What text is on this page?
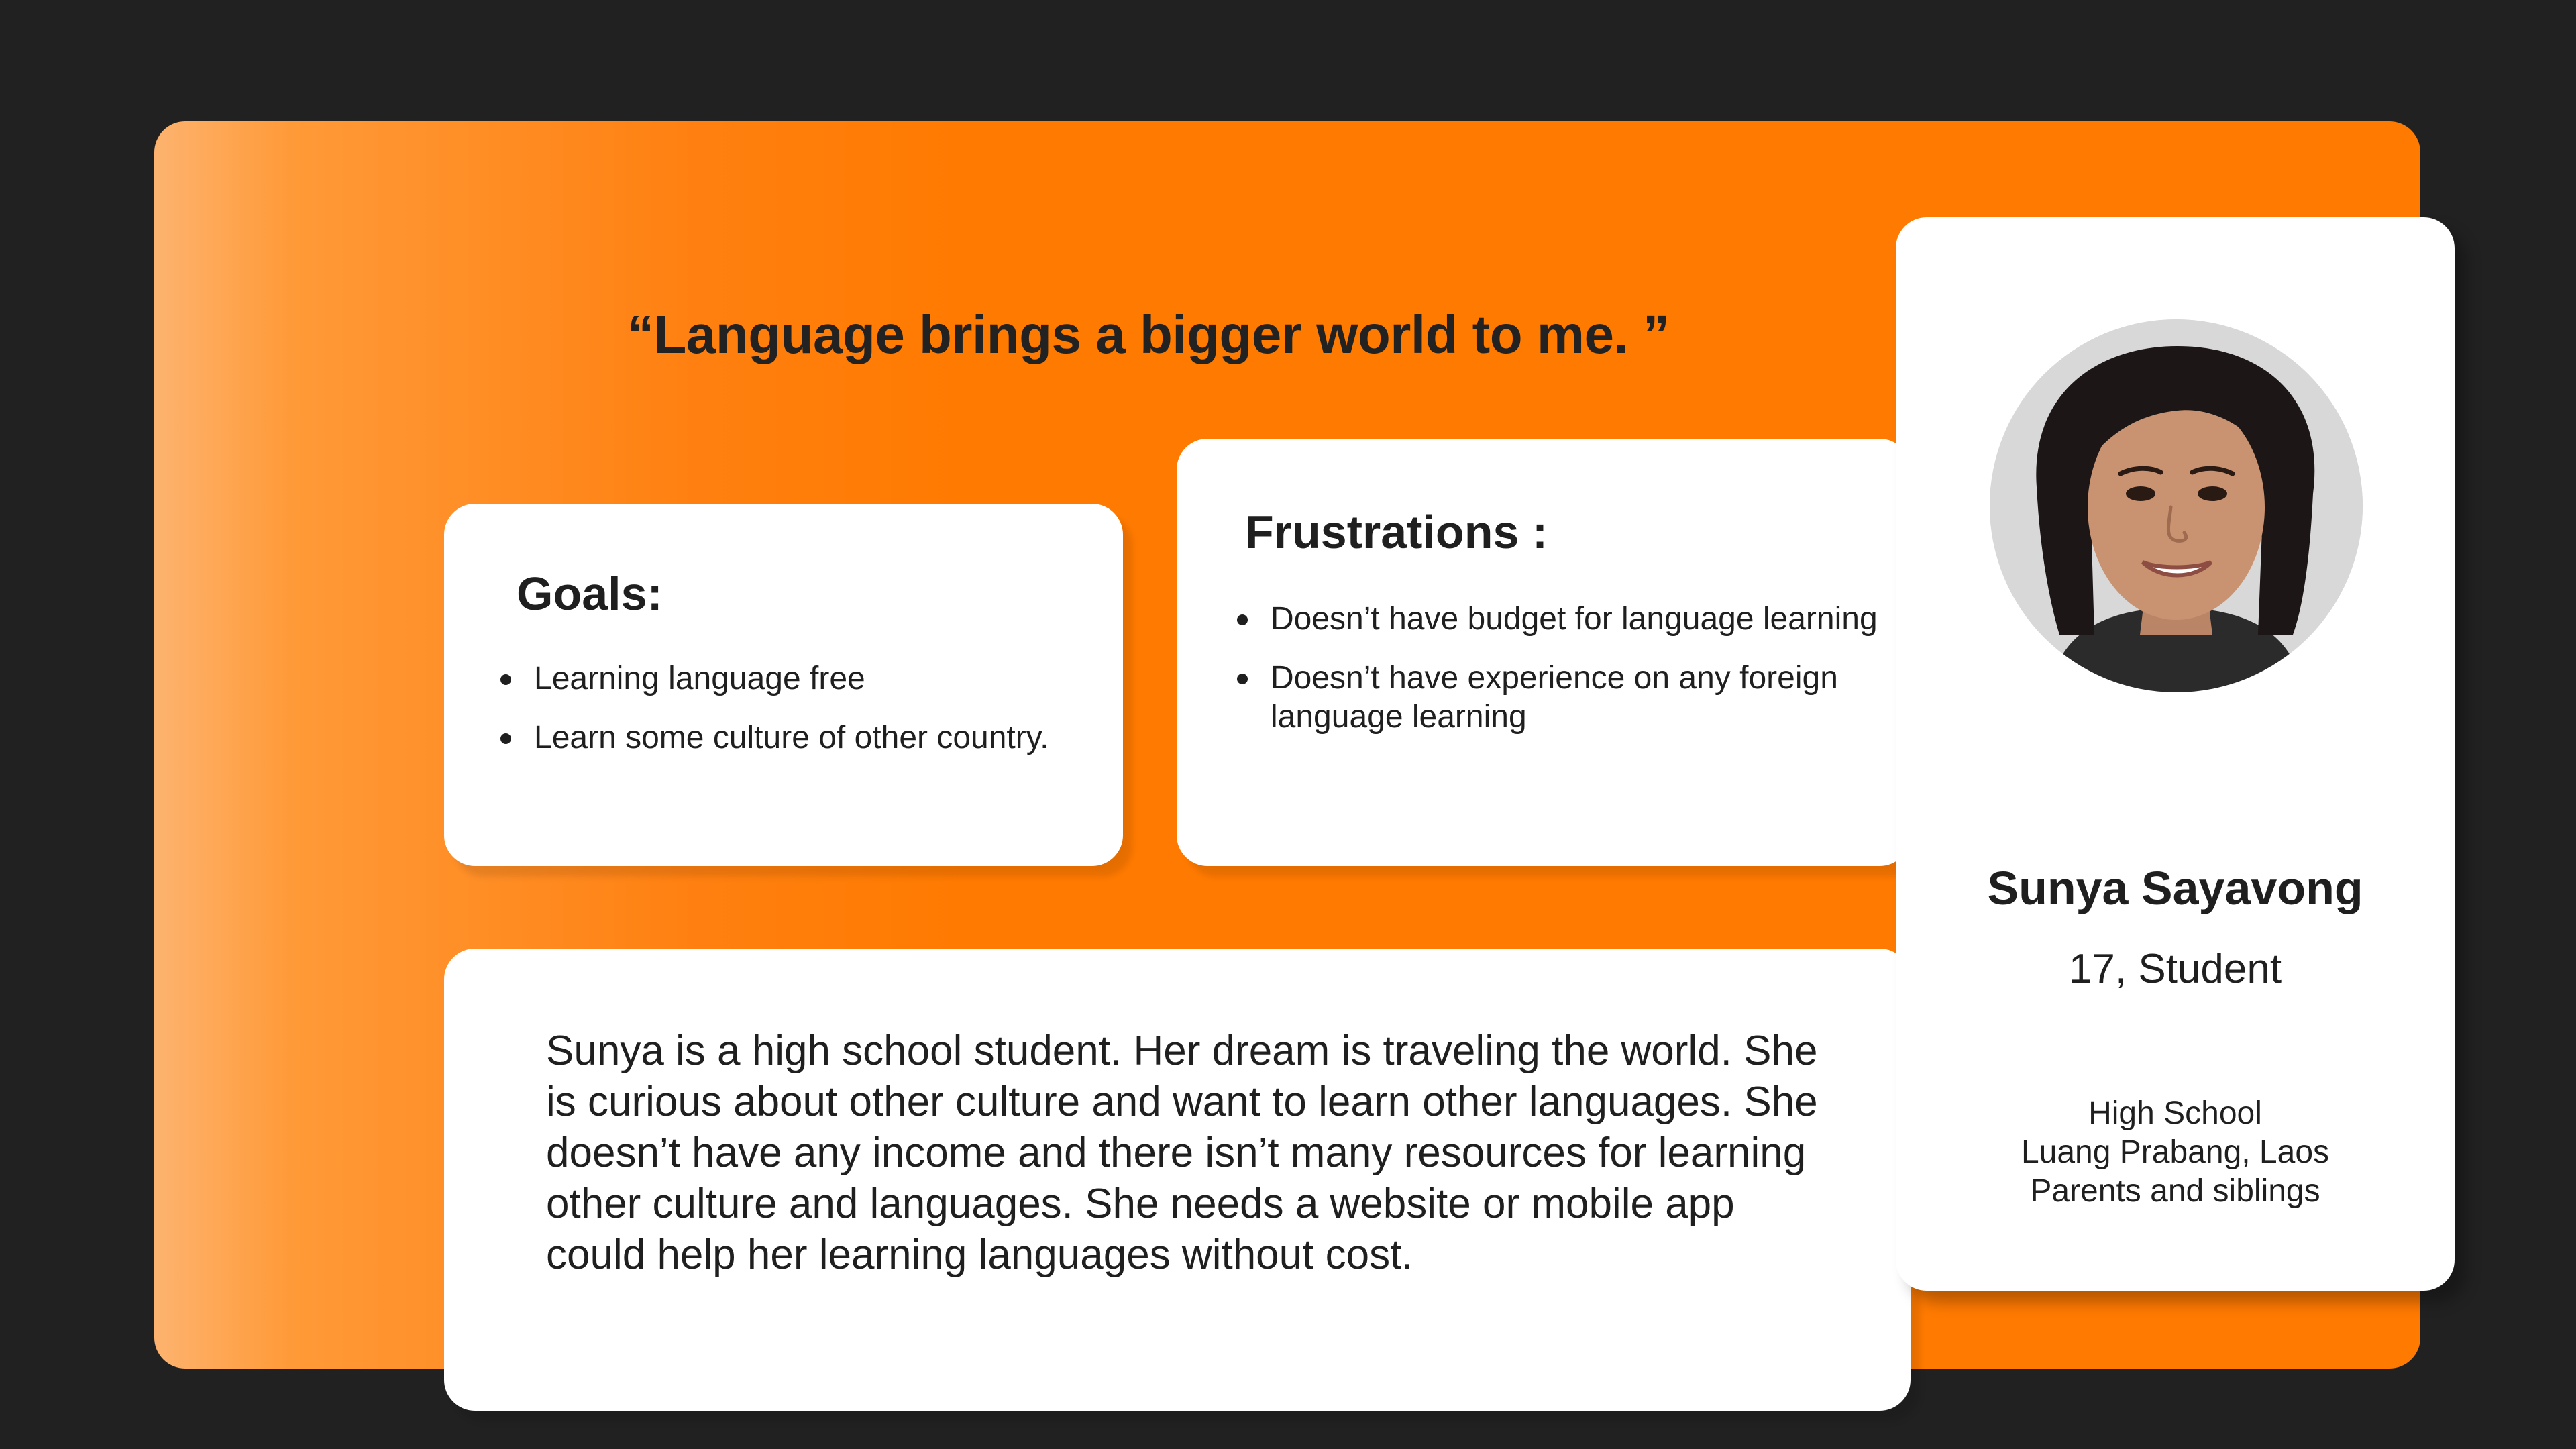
“Language brings a bigger world to me. ”

Goals:
Learning language free
Learn some culture of other country.
Frustrations :
Doesn’t have budget for language learning
Doesn’t have experience on any foreign language learning

Sunya is a high school student. Her dream is traveling the world. She is curious about other culture and want to learn other languages. She doesn’t have any income and there isn’t many resources for learning other culture and languages. She needs a website or mobile app could help her learning languages without cost.

Sunya Sayavong

17, Student

High School
Luang Prabang, Laos
Parents and siblings
